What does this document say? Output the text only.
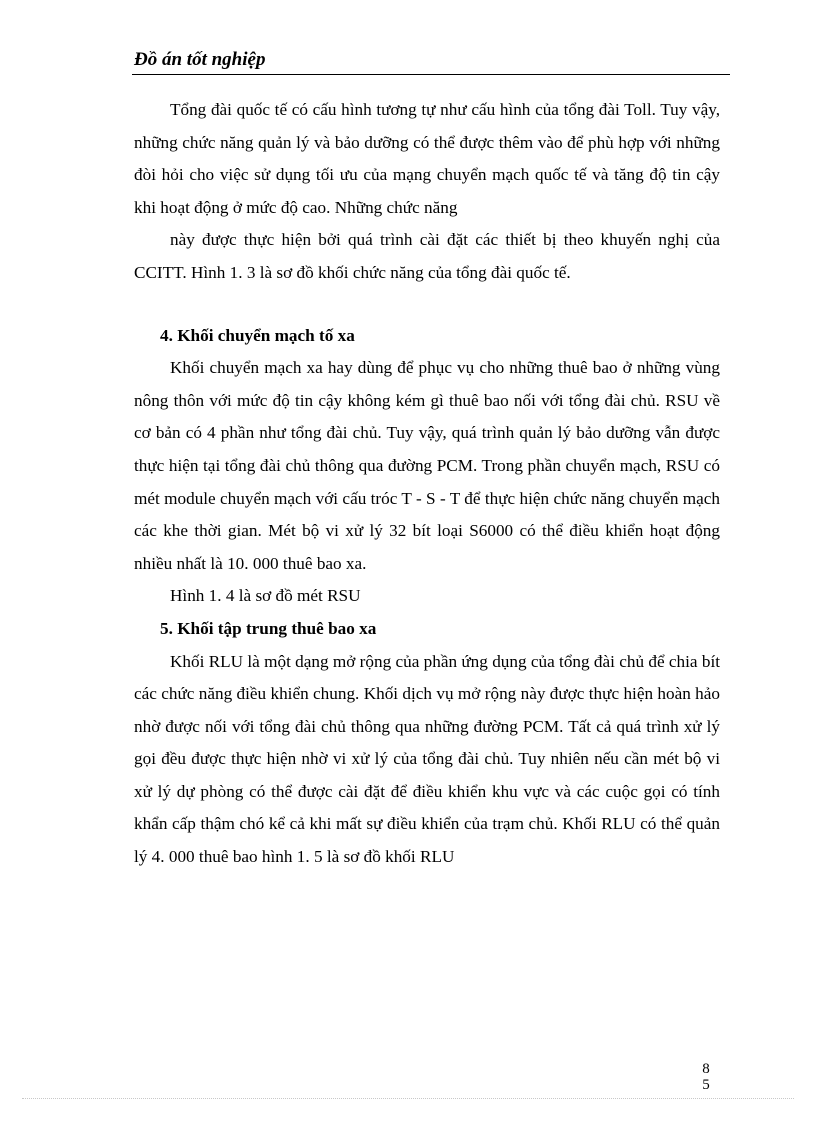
Đồ án tốt nghiệp

Tổng đài quốc tế có cấu hình tương tự như cấu hình của tổng đài Toll. Tuy vậy, những chức năng quản lý và bảo dưỡng có thể được thêm vào để phù hợp với những đòi hỏi cho việc sử dụng tối ưu của mạng chuyển mạch quốc tế và tăng độ tin cậy khi hoạt động ở mức độ cao. Những chức năng

này được thực hiện bởi quá trình cài đặt các thiết bị theo khuyến nghị của CCITT. Hình 1. 3 là sơ đồ khối chức năng của tổng đài quốc tế.

4. Khối chuyển mạch tố xa

Khối chuyển mạch xa hay dùng để phục vụ cho những thuê bao ở những vùng nông thôn với mức độ tin cậy không kém gì thuê bao nối với tổng đài chủ. RSU về cơ bản có 4 phần như tổng đài chủ. Tuy vậy, quá trình quản lý bảo dưỡng vẫn được thực hiện tại tổng đài chủ thông qua đường PCM. Trong phần chuyển mạch, RSU có mét module chuyển mạch với cấu tróc T - S - T để thực hiện chức năng chuyển mạch các khe thời gian. Mét bộ vi xử lý 32 bít loại S6000 có thể điều khiển hoạt động nhiều nhất là 10. 000 thuê bao xa.

Hình 1. 4 là sơ đồ mét RSU

5. Khối tập trung thuê bao xa

Khối RLU là một dạng mở rộng của phần ứng dụng của tổng đài chủ để chia bít các chức năng điều khiển chung. Khối dịch vụ mở rộng này được thực hiện hoàn hảo nhờ được nối với tổng đài chủ thông qua những đường PCM. Tất cả quá trình xử lý gọi đều được thực hiện nhờ vi xử lý của tổng đài chủ. Tuy nhiên nếu cần mét bộ vi xử lý dự phòng có thể được cài đặt để điều khiển khu vực và các cuộc gọi có tính khẩn cấp thậm chó kể cả khi mất sự điều khiển của trạm chủ. Khối RLU có thể quản lý 4. 000 thuê bao hình 1. 5 là sơ đồ khối RLU

8
5
